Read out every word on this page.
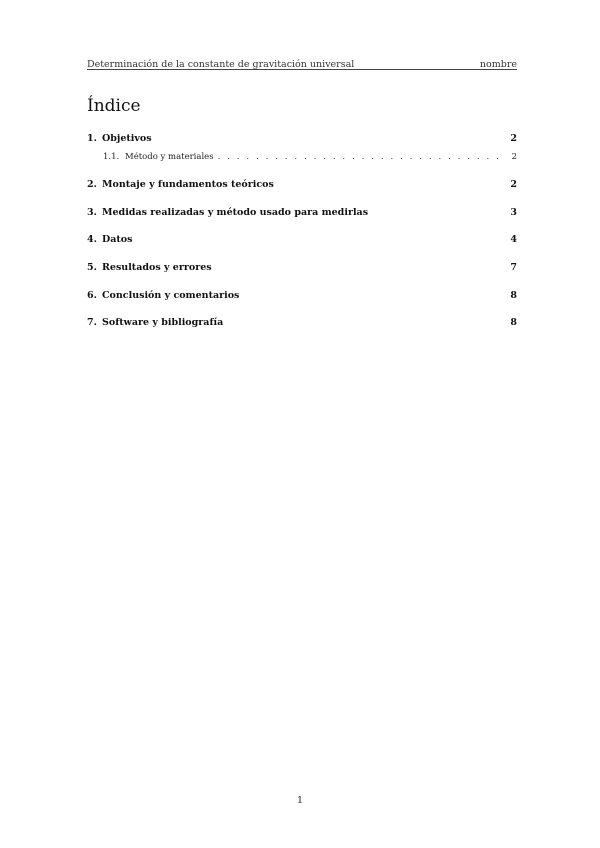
Determinación de la constante de gravitación universal	nombre
Índice
1. Objetivos	2
1.1. Método y materiales . . .	2
2. Montaje y fundamentos teóricos	2
3. Medidas realizadas y método usado para medirlas	3
4. Datos	4
5. Resultados y errores	7
6. Conclusión y comentarios	8
7. Software y bibliografía	8
1
